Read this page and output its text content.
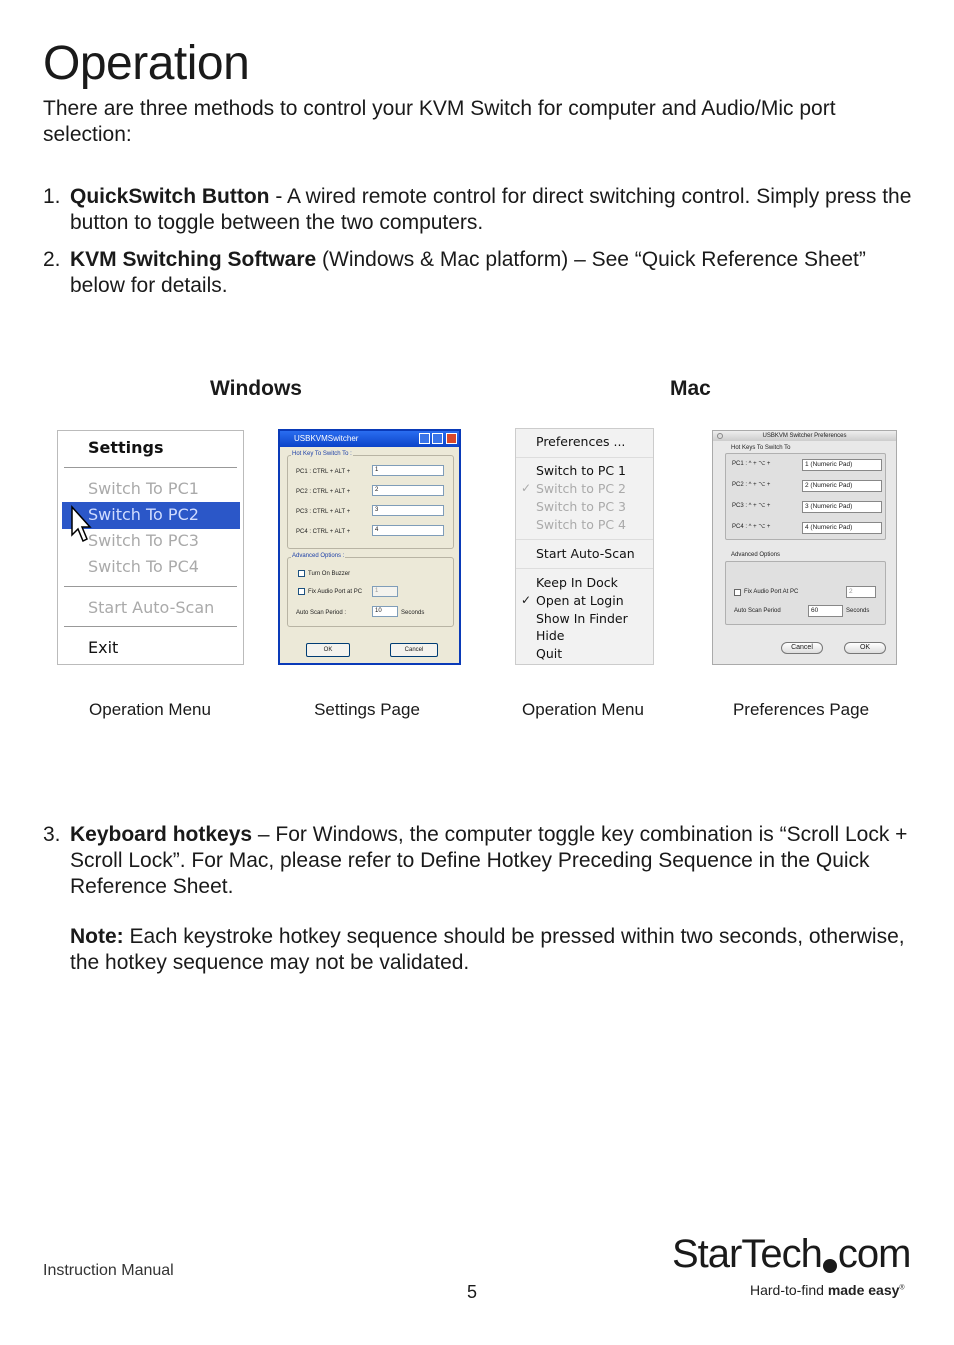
Operation

There are three methods to control your KVM Switch for computer and Audio/Mic port selection:

1. QuickSwitch Button - A wired remote control for direct switching control. Simply press the button to toggle between the two computers.
2. KVM Switching Software (Windows & Mac platform) – See “Quick Reference Sheet” below for details.
Windows	Mac
Settings
Switch To PC1
Switch To PC2
Switch To PC3
Switch To PC4
Start Auto-Scan
Exit
USBKVMSwitcher
Hot Key To Switch To :
PC1 : CTRL + ALT +	1
PC2 : CTRL + ALT +	2
PC3 : CTRL + ALT +	3
PC4 : CTRL + ALT +	4
Advanced Options :
Turn On Buzzer
Fix Audio Port at PC	1
Auto Scan Period :	10	Seconds
OK	Cancel
Preferences ...
Switch to PC 1
✓ Switch to PC 2
Switch to PC 3
Switch to PC 4
Start Auto-Scan
Keep In Dock
✓ Open at Login
Show In Finder
Hide
Quit
USBKVM Switcher Preferences
Hot Keys To Switch To
PC1 : ^ + ⌥ +	1 (Numeric Pad)
PC2 : ^ + ⌥ +	2 (Numeric Pad)
PC3 : ^ + ⌥ +	3 (Numeric Pad)
PC4 : ^ + ⌥ +	4 (Numeric Pad)
Advanced Options
Fix Audio Port At PC	2
Auto Scan Period	60	Seconds
Cancel	OK
Operation Menu	Settings Page	Operation Menu	Preferences Page
3. Keyboard hotkeys – For Windows, the computer toggle key combination is “Scroll Lock + Scroll Lock”. For Mac, please refer to Define Hotkey Preceding Sequence in the Quick Reference Sheet.
Note: Each keystroke hotkey sequence should be pressed within two seconds, otherwise, the hotkey sequence may not be validated.
Instruction Manual
5
StarTech com
Hard-to-find made easy®
